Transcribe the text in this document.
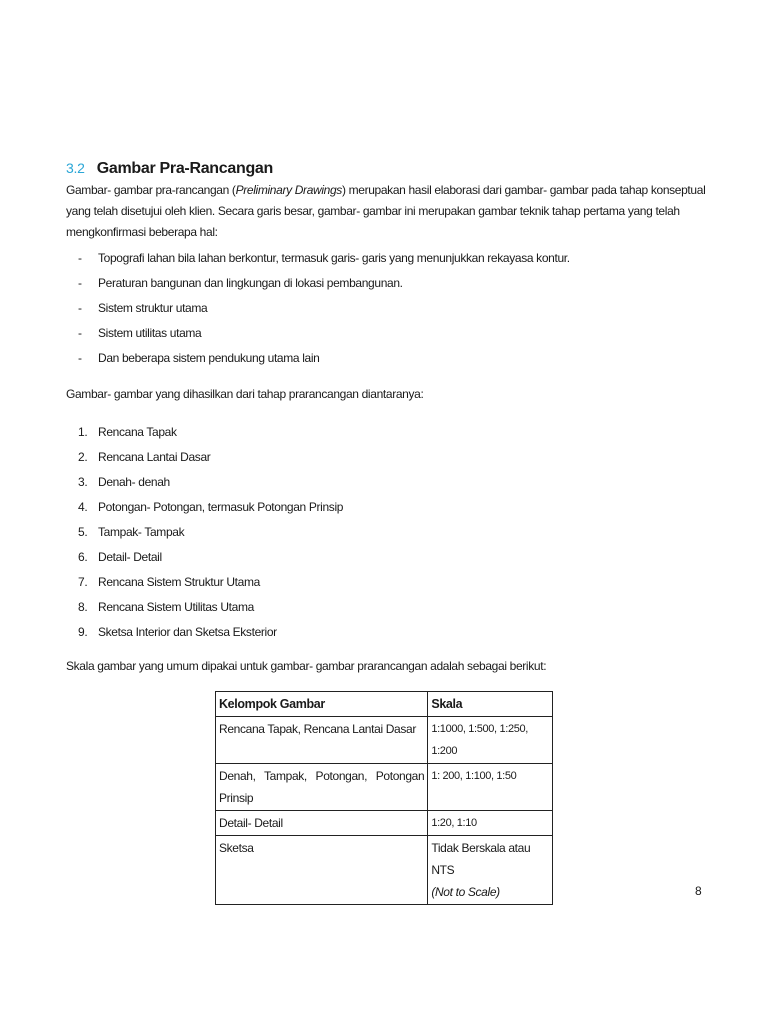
3.2 Gambar Pra-Rancangan
Gambar- gambar pra-rancangan (Preliminary Drawings) merupakan hasil elaborasi dari gambar- gambar pada tahap konseptual yang telah disetujui oleh klien. Secara garis besar, gambar- gambar ini merupakan gambar teknik tahap pertama yang telah mengkonfirmasi beberapa hal:
- Topografi lahan bila lahan berkontur, termasuk garis- garis yang menunjukkan rekayasa kontur.
- Peraturan bangunan dan lingkungan di lokasi pembangunan.
- Sistem struktur utama
- Sistem utilitas utama
- Dan beberapa sistem pendukung utama lain
Gambar- gambar yang dihasilkan dari tahap prarancangan diantaranya:
1. Rencana Tapak
2. Rencana Lantai Dasar
3. Denah- denah
4. Potongan- Potongan, termasuk Potongan Prinsip
5. Tampak- Tampak
6. Detail- Detail
7. Rencana Sistem Struktur Utama
8. Rencana Sistem Utilitas Utama
9. Sketsa Interior dan Sketsa Eksterior
Skala gambar yang umum dipakai untuk gambar- gambar prarancangan adalah sebagai berikut:
Kelompok Gambar	Skala
Rencana Tapak, Rencana Lantai Dasar	1:1000, 1:500, 1:250, 1:200
Denah, Tampak, Potongan, Potongan Prinsip	1: 200, 1:100, 1:50
Detail- Detail	1:20, 1:10
Sketsa	Tidak Berskala atau NTS
(Not to Scale)	8
